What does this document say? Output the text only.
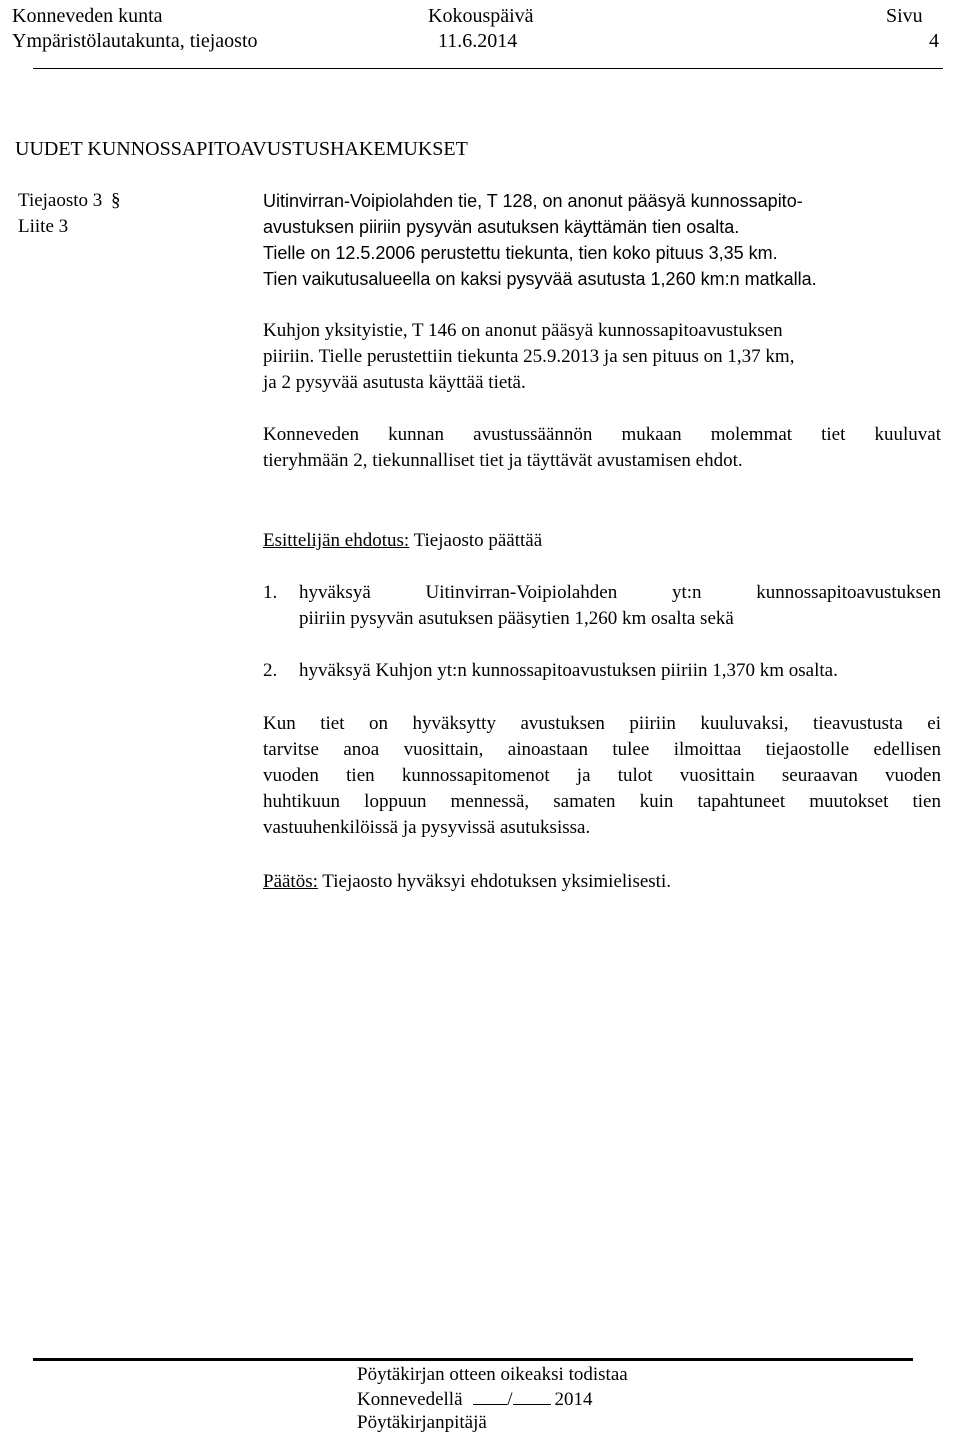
Konneveden kunta
Ympäristölautakunta, tiejaosto
Kokouspäivä
11.6.2014
Sivu
4
UUDET KUNNOSSAPITOAVUSTUSHAKEMUKSET
Tiejaosto 3 §
Liite 3
Uitinvirran-Voipiolahden tie, T 128, on anonut pääsyä kunnossapito-
avustuksen piiriin pysyvän asutuksen käyttämän tien osalta.
Tielle on 12.5.2006 perustettu tiekunta, tien koko pituus 3,35 km.
Tien vaikutusalueella on kaksi pysyvää asutusta 1,260 km:n matkalla.
Kuhjon yksityistie, T 146 on anonut pääsyä kunnossapitoavustuksen
piiriin. Tielle perustettiin tiekunta 25.9.2013 ja sen pituus on 1,37 km,
ja 2 pysyvää asutusta käyttää tietä.
Konneveden kunnan avustussäännön mukaan molemmat tiet kuuluvat
tieryhmään 2, tiekunnalliset tiet ja täyttävät avustamisen ehdot.
Esittelijän ehdotus: Tiejaosto päättää
1. hyväksyä Uitinvirran-Voipiolahden yt:n kunnossapitoavustuksen
piiriin pysyvän asutuksen pääsytien 1,260 km osalta sekä
2. hyväksyä Kuhjon yt:n kunnossapitoavustuksen piiriin 1,370 km osalta.
Kun tiet on hyväksytty avustuksen piiriin kuuluvaksi, tieavustusta ei
tarvitse anoa vuosittain, ainoastaan tulee ilmoittaa tiejaostolle edellisen
vuoden tien kunnossapitomenot ja tulot vuosittain seuraavan vuoden
huhtikuun loppuun mennessä, samaten kuin tapahtuneet muutokset tien
vastuuhenkilöissä ja pysyvissä asutuksissa.
Päätös: Tiejaosto hyväksyi ehdotuksen yksimielisesti.
Pöytäkirjan otteen oikeaksi todistaa
Konnevedellä / 2014
Pöytäkirjanpitäjä
